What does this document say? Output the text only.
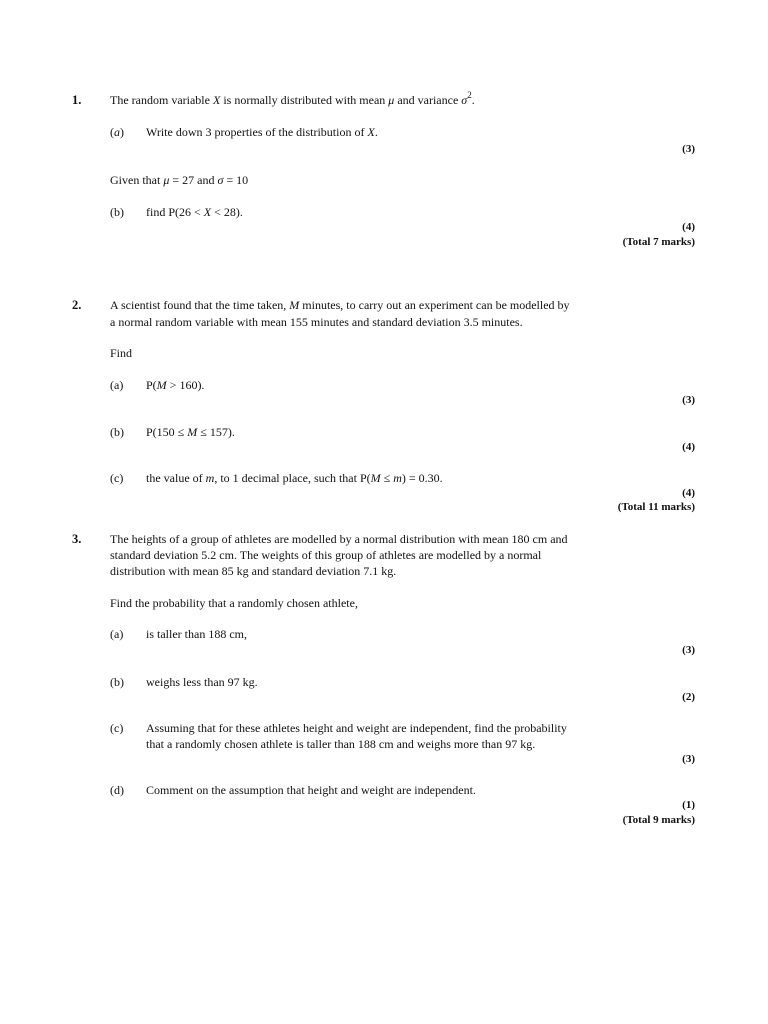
1. The random variable X is normally distributed with mean μ and variance $\sigma^2$.
(a) Write down 3 properties of the distribution of X.
(3)
Given that μ = 27 and σ = 10
(b) find P(26 < X < 28).
(4)
(Total 7 marks)
2. A scientist found that the time taken, M minutes, to carry out an experiment can be modelled by
a normal random variable with mean 155 minutes and standard deviation 3.5 minutes.
Find
(a) P(M > 160).
(3)
(b) P(150 ≤ M ≤ 157).
(4)
(c) the value of m, to 1 decimal place, such that P(M ≤ m) = 0.30.
(4)
(Total 11 marks)
3. The heights of a group of athletes are modelled by a normal distribution with mean 180 cm and
standard deviation 5.2 cm. The weights of this group of athletes are modelled by a normal
distribution with mean 85 kg and standard deviation 7.1 kg.
Find the probability that a randomly chosen athlete,
(a) is taller than 188 cm,
(3)
(b) weighs less than 97 kg.
(2)
(c) Assuming that for these athletes height and weight are independent, find the probability
that a randomly chosen athlete is taller than 188 cm and weighs more than 97 kg.
(3)
(d) Comment on the assumption that height and weight are independent.
(1)
(Total 9 marks)
